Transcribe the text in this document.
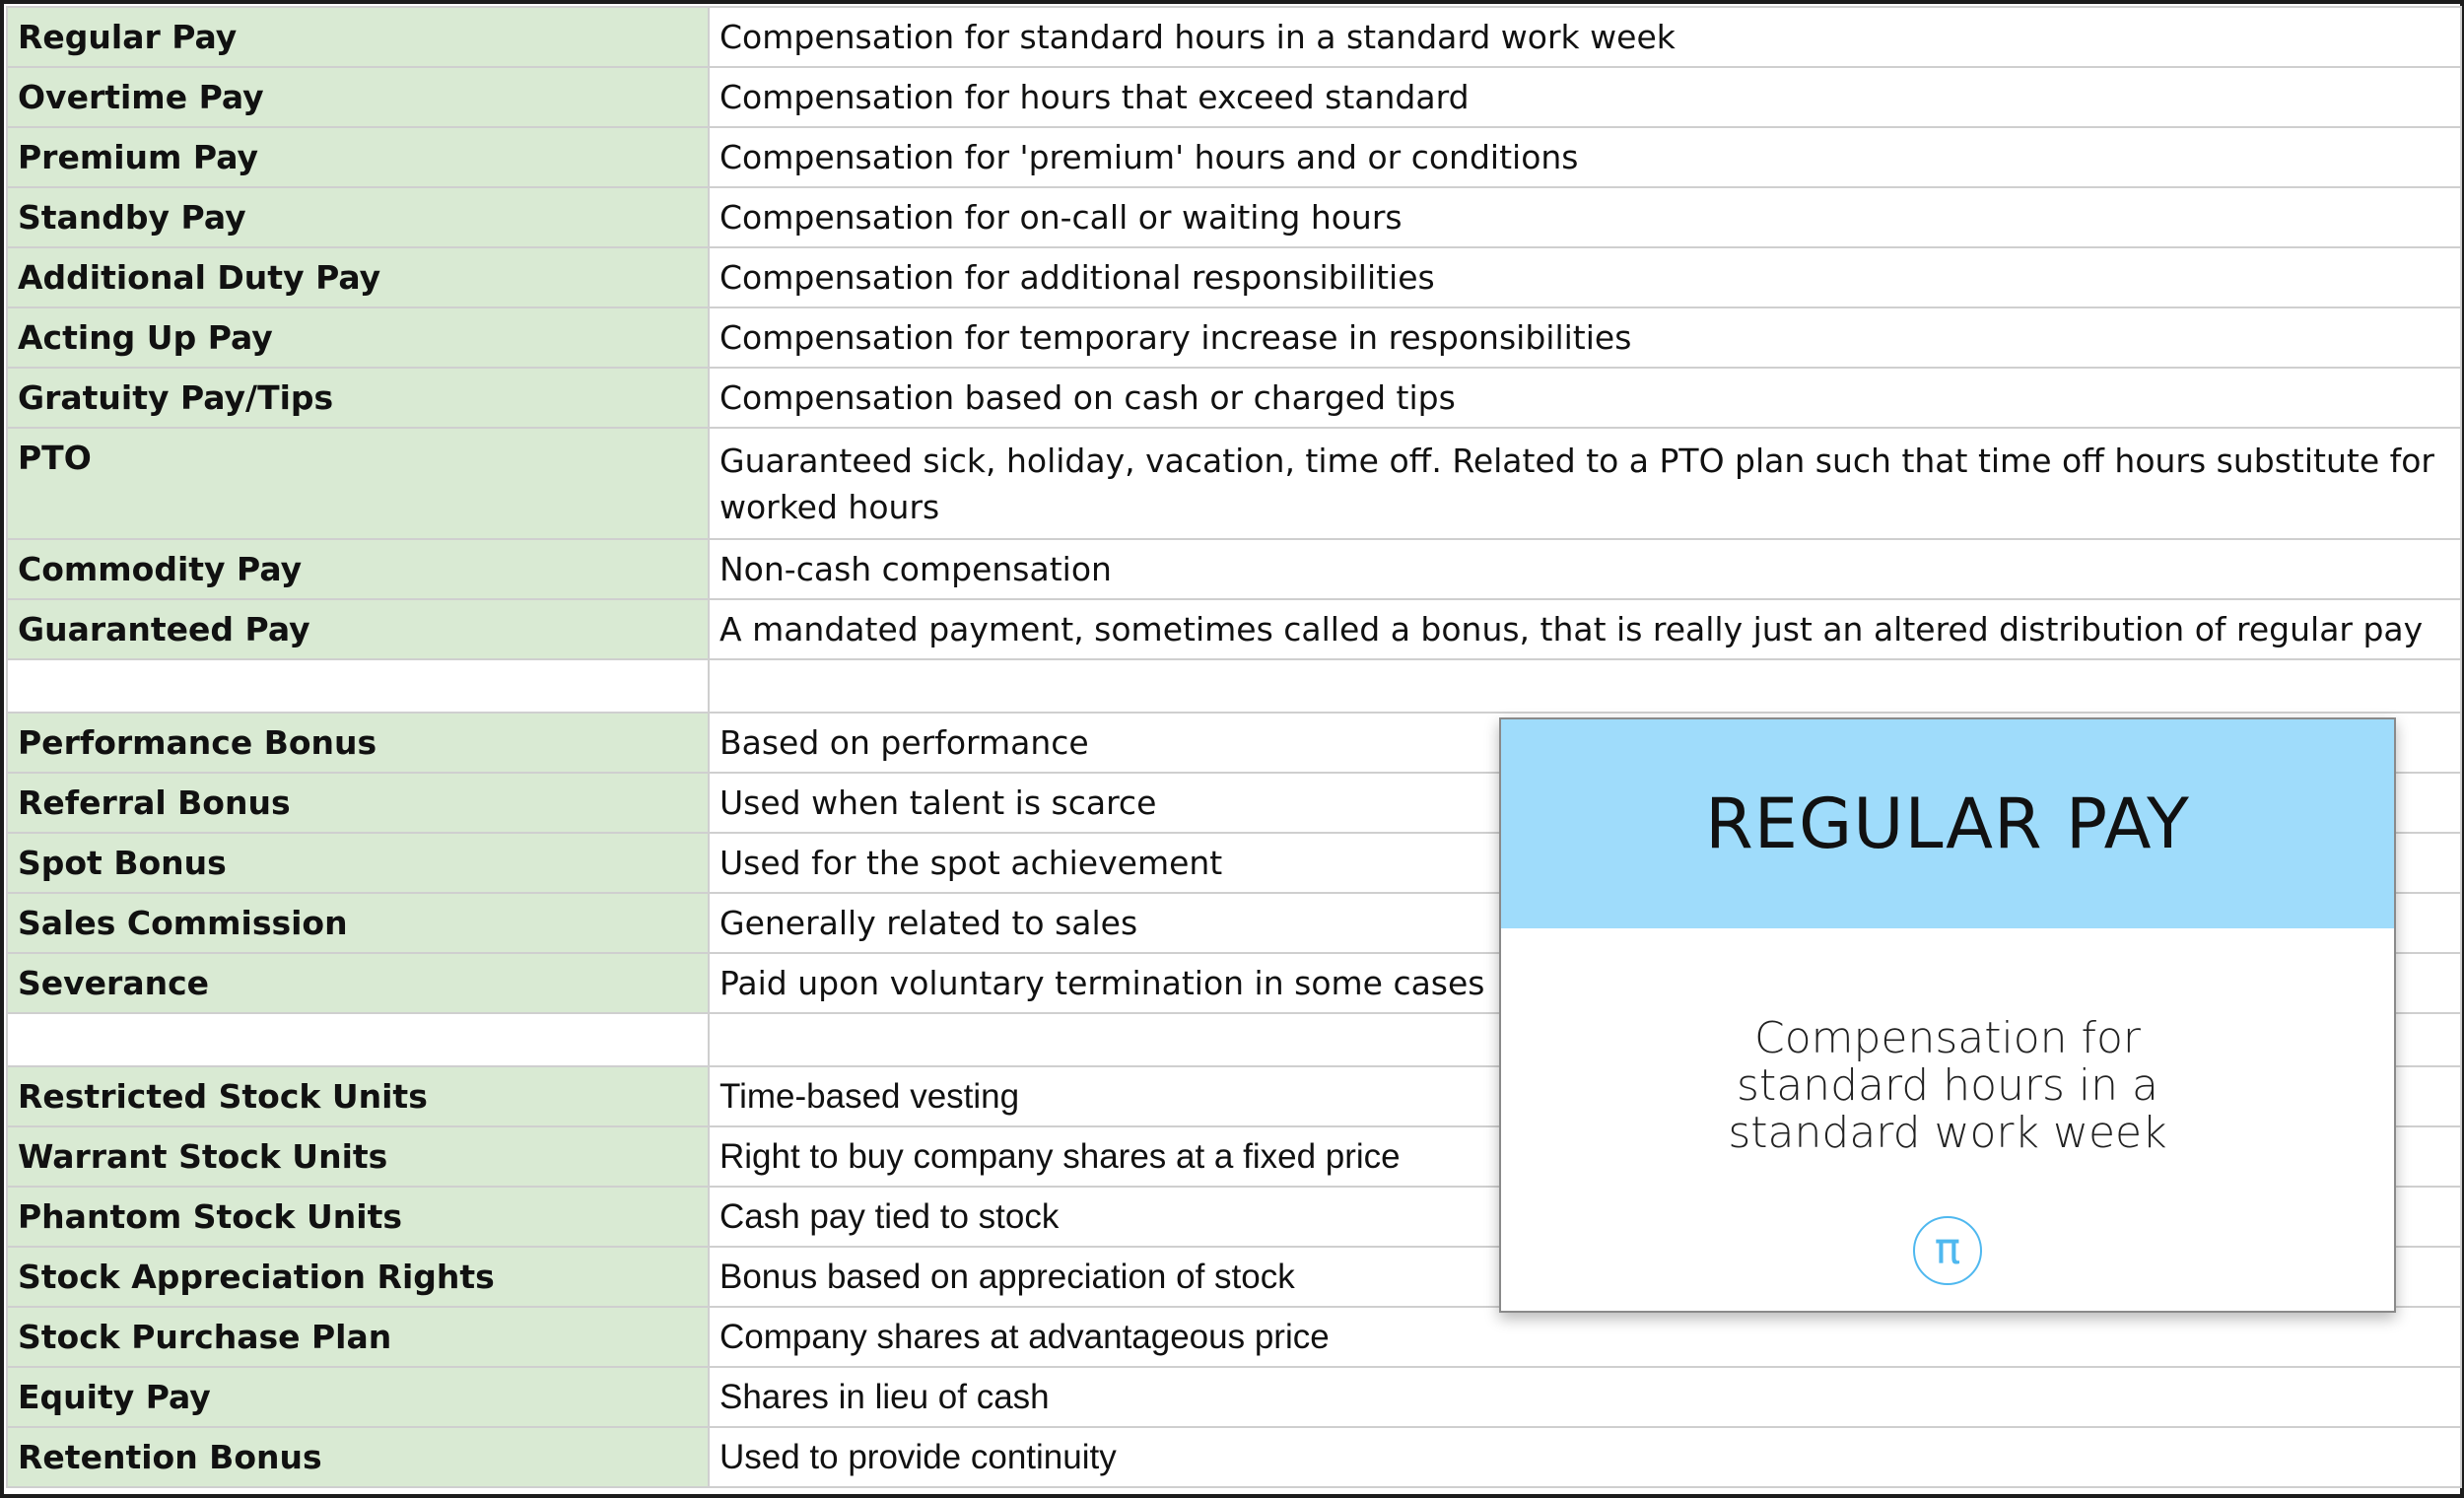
Regular Pay	Compensation for standard hours in a standard work week
Overtime Pay	Compensation for hours that exceed standard
Premium Pay	Compensation for 'premium' hours and or conditions
Standby Pay	Compensation for on-call or waiting hours
Additional Duty Pay	Compensation for additional responsibilities
Acting Up Pay	Compensation for temporary increase in responsibilities
Gratuity Pay/Tips	Compensation based on cash or charged tips
PTO	Guaranteed sick, holiday, vacation, time off. Related to a PTO plan such that time off hours substitute for worked hours
Commodity Pay	Non-cash compensation
Guaranteed Pay	A mandated payment, sometimes called a bonus, that is really just an altered distribution of regular pay

Performance Bonus	Based on performance
Referral Bonus	Used when talent is scarce
Spot Bonus	Used for the spot achievement
Sales Commission	Generally related to sales
Severance	Paid upon voluntary termination in some cases

Restricted Stock Units	Time-based vesting
Warrant Stock Units	Right to buy company shares at a fixed price
Phantom Stock Units	Cash pay tied to stock
Stock Appreciation Rights	Bonus based on appreciation of stock
Stock Purchase Plan	Company shares at advantageous price
Equity Pay	Shares in lieu of cash
Retention Bonus	Used to provide continuity
REGULAR PAY
Compensation for standard hours in a standard work week
π
